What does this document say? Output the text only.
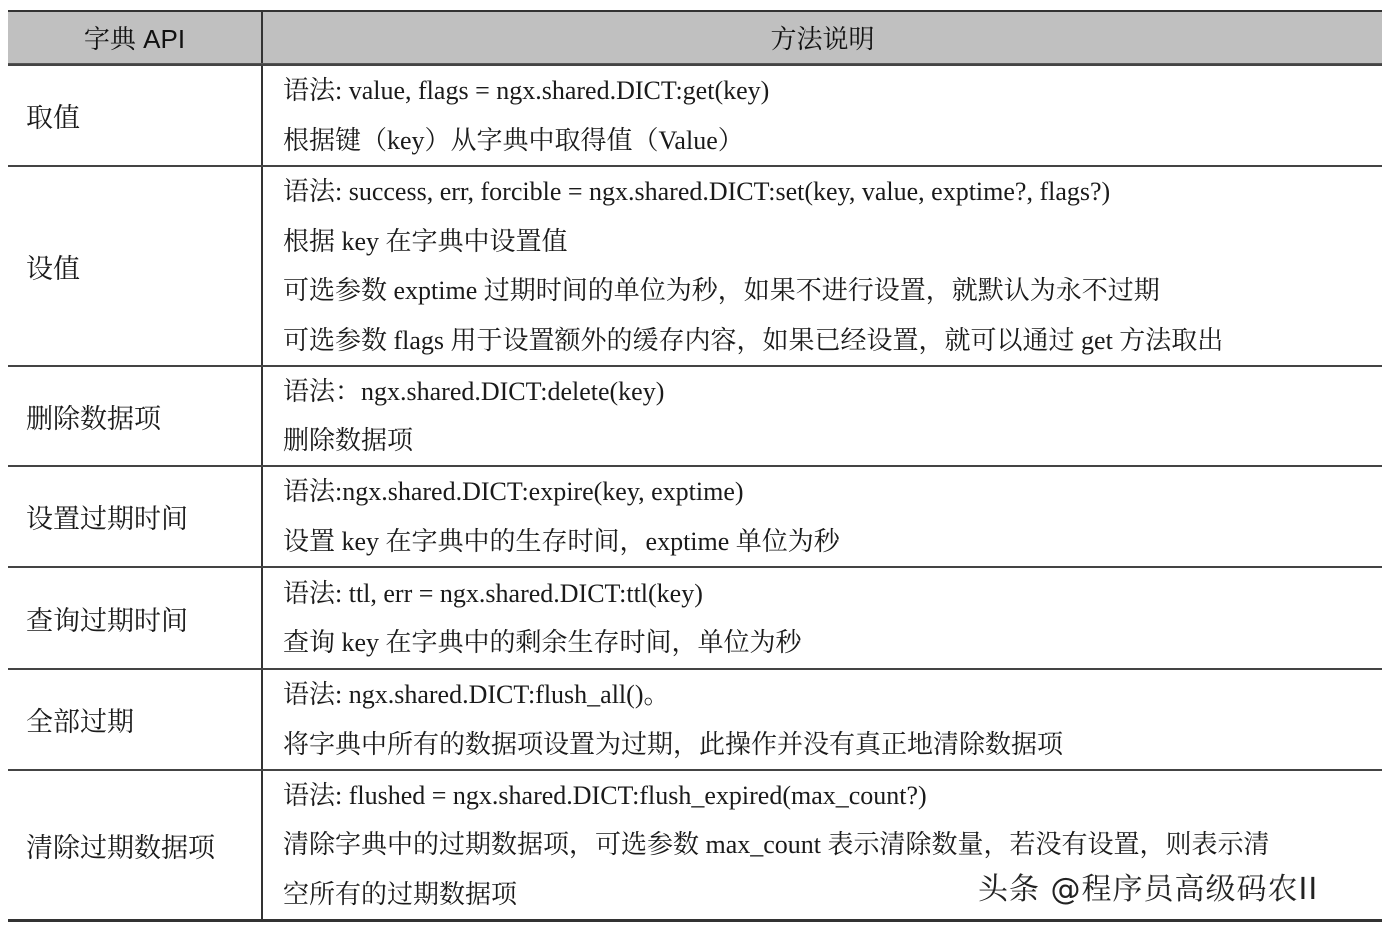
字典 API	方法说明
取值
语法: value, flags = ngx.shared.DICT:get(key)
根据键（key）从字典中取得值（Value）
设值
语法: success, err, forcible = ngx.shared.DICT:set(key, value, exptime?, flags?)
根据 key 在字典中设置值
可选参数 exptime 过期时间的单位为秒，如果不进行设置，就默认为永不过期
可选参数 flags 用于设置额外的缓存内容，如果已经设置，就可以通过 get 方法取出
删除数据项
语法：ngx.shared.DICT:delete(key)
删除数据项
设置过期时间
语法:ngx.shared.DICT:expire(key, exptime)
设置 key 在字典中的生存时间，exptime 单位为秒
查询过期时间
语法: ttl, err = ngx.shared.DICT:ttl(key)
查询 key 在字典中的剩余生存时间，单位为秒
全部过期
语法: ngx.shared.DICT:flush_all()。
将字典中所有的数据项设置为过期，此操作并没有真正地清除数据项
清除过期数据项
语法: flushed = ngx.shared.DICT:flush_expired(max_count?)
清除字典中的过期数据项，可选参数 max_count 表示清除数量，若没有设置，则表示清
空所有的过期数据项	头条 @程序员高级码农II
